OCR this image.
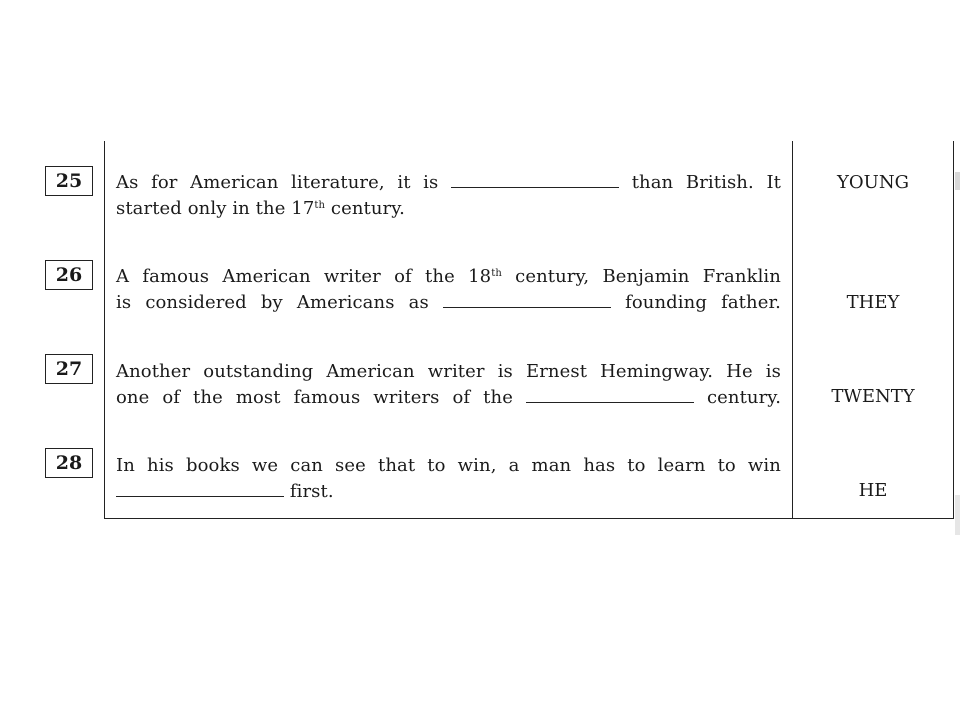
25	As for American literature, it is	than British. It
started only in the 17th century.
YOUNG
26	A famous American writer of the 18th century, Benjamin Franklin
is considered by Americans as	founding father.	THEY
27	Another outstanding American writer is Ernest Hemingway. He is
one of the most famous writers of the	century.	TWENTY
28	In his books we can see that to win, a man has to learn to win
first.	HE
